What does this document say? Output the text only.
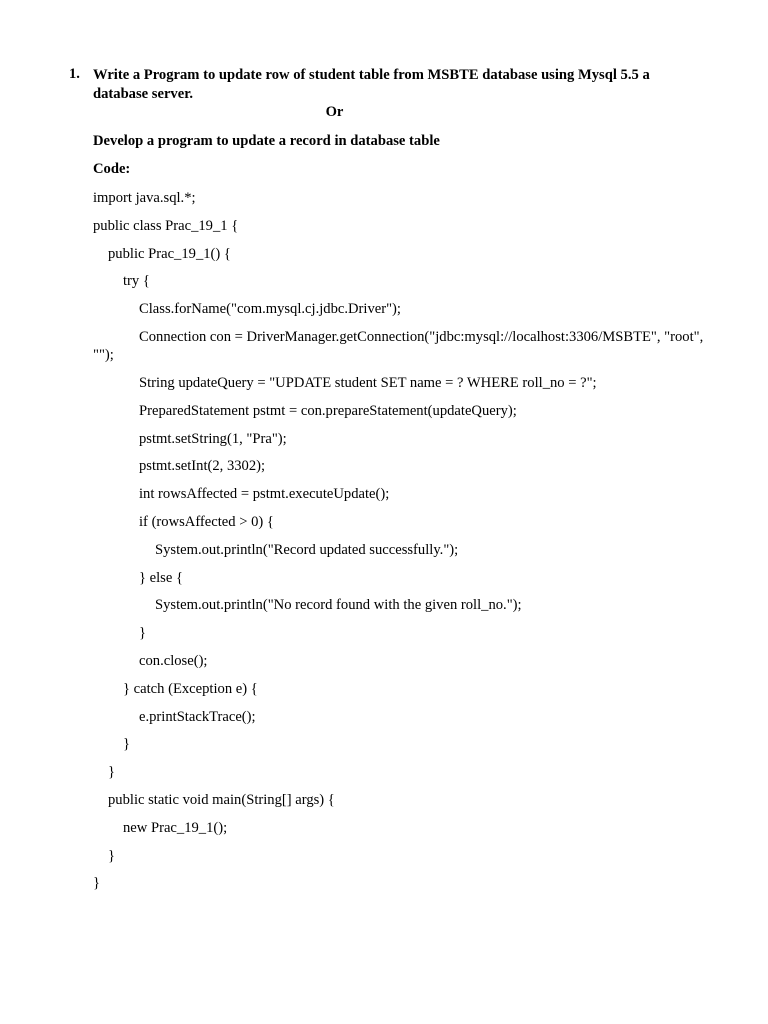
1. Write a Program to update row of student table from MSBTE database using Mysql 5.5 a database server.
Or
Develop a program to update a record in database table
Code:
import java.sql.*;
public class Prac_19_1 {
public Prac_19_1() {
try {
Class.forName("com.mysql.cj.jdbc.Driver");
Connection con = DriverManager.getConnection("jdbc:mysql://localhost:3306/MSBTE", "root", "");
String updateQuery = "UPDATE student SET name = ? WHERE roll_no = ?";
PreparedStatement pstmt = con.prepareStatement(updateQuery);
pstmt.setString(1, "Pra");
pstmt.setInt(2, 3302);
int rowsAffected = pstmt.executeUpdate();
if (rowsAffected > 0) {
System.out.println("Record updated successfully.");
} else {
System.out.println("No record found with the given roll_no.");
}
con.close();
} catch (Exception e) {
e.printStackTrace();
}
}
public static void main(String[] args) {
new Prac_19_1();
}
}
